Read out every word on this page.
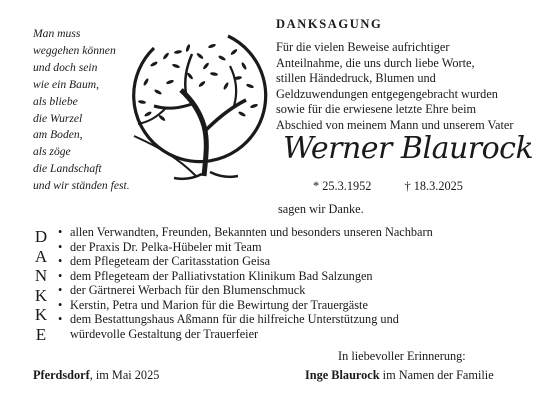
Man muss
weggehen können
und doch sein
wie ein Baum,
als bliebe
die Wurzel
am Boden,
als zöge
die Landschaft
und wir ständen fest.
DANKSAGUNG
Für die vielen Beweise aufrichtiger
Anteilnahme, die uns durch liebe Worte,
stillen Händedruck, Blumen und
Geldzuwendungen entgegengebracht wurden
sowie für die erwiesene letzte Ehre beim
Abschied von meinem Mann und unserem Vater
Werner Blaurock
* 25.3.1952	† 18.3.2025
sagen wir Danke.
D
A
N
K
K
E
• allen Verwandten, Freunden, Bekannten und besonders unseren Nachbarn
• der Praxis Dr. Pelka-Hübeler mit Team
• dem Pflegeteam der Caritasstation Geisa
• dem Pflegeteam der Palliativstation Klinikum Bad Salzungen
• der Gärtnerei Werbach für den Blumenschmuck
• Kerstin, Petra und Marion für die Bewirtung der Trauergäste
• dem Bestattungshaus Aßmann für die hilfreiche Unterstützung und
würdevolle Gestaltung der Trauerfeier
Pferdsdorf, im Mai 2025
In liebevoller Erinnerung:
Inge Blaurock im Namen der Familie
